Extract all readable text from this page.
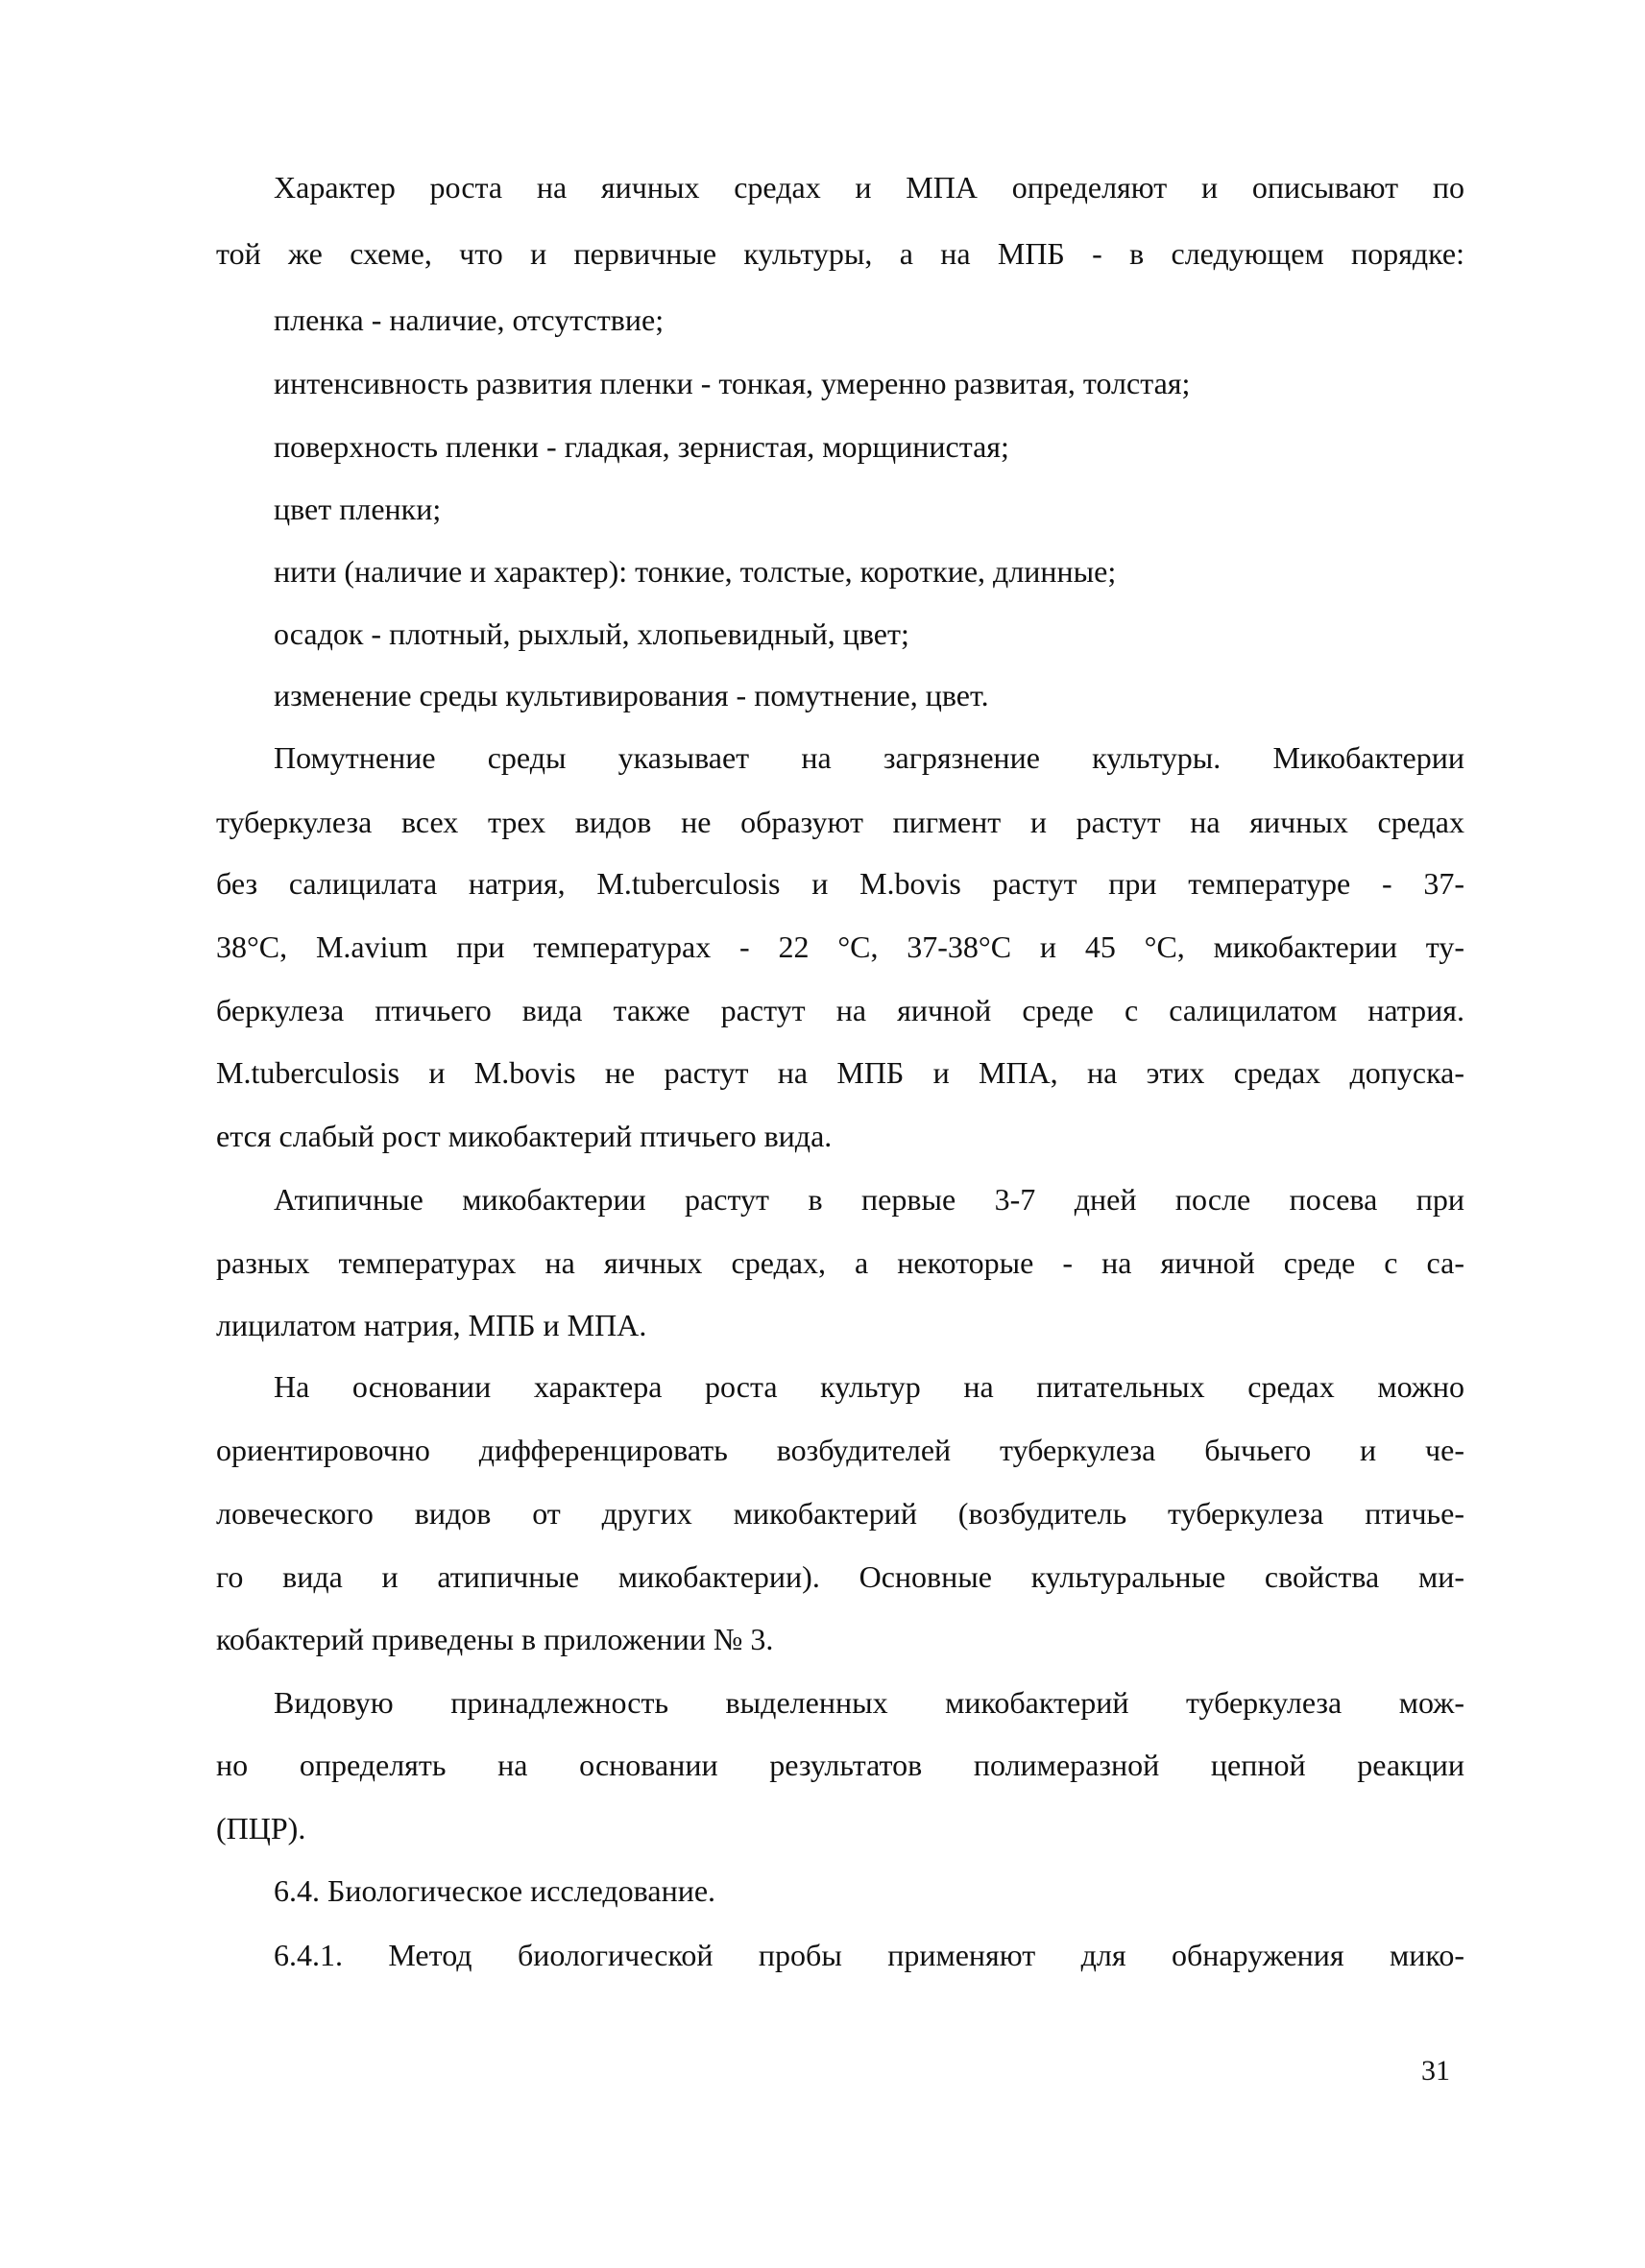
Характер роста на яичных средах и МПА определяют и описывают по
той же схеме, что и первичные культуры, а на МПБ - в следующем порядке:
пленка - наличие, отсутствие;
интенсивность развития пленки - тонкая, умеренно развитая, толстая;
поверхность пленки - гладкая, зернистая, морщинистая;
цвет пленки;
нити (наличие и характер): тонкие, толстые, короткие, длинные;
осадок - плотный, рыхлый, хлопьевидный, цвет;
изменение среды культивирования - помутнение, цвет.
Помутнение среды указывает на загрязнение культуры. Микобактерии
туберкулеза всех трех видов не образуют пигмент и растут на яичных средах
без салицилата натрия, M.tuberculosis и M.bovis растут при температуре - 37-
38°C, M.avium при температурах - 22 °C, 37-38°C и 45 °C, микобактерии ту-
беркулеза птичьего вида также растут на яичной среде с салицилатом натрия.
M.tuberculosis и M.bovis не растут на МПБ и МПА, на этих средах допуска-
ется слабый рост микобактерий птичьего вида.
Атипичные микобактерии растут в первые 3-7 дней после посева при
разных температурах на яичных средах, а некоторые - на яичной среде с са-
лицилатом натрия, МПБ и МПА.
На основании характера роста культур на питательных средах можно
ориентировочно дифференцировать возбудителей туберкулеза бычьего и че-
ловеческого видов от других микобактерий (возбудитель туберкулеза птичье-
го вида и атипичные микобактерии). Основные культуральные свойства ми-
кобактерий приведены в приложении № 3.
Видовую принадлежность выделенных микобактерий туберкулеза мож-
но определять на основании результатов полимеразной цепной реакции
(ПЦР).
6.4. Биологическое исследование.
6.4.1. Метод биологической пробы применяют для обнаружения мико-
31
